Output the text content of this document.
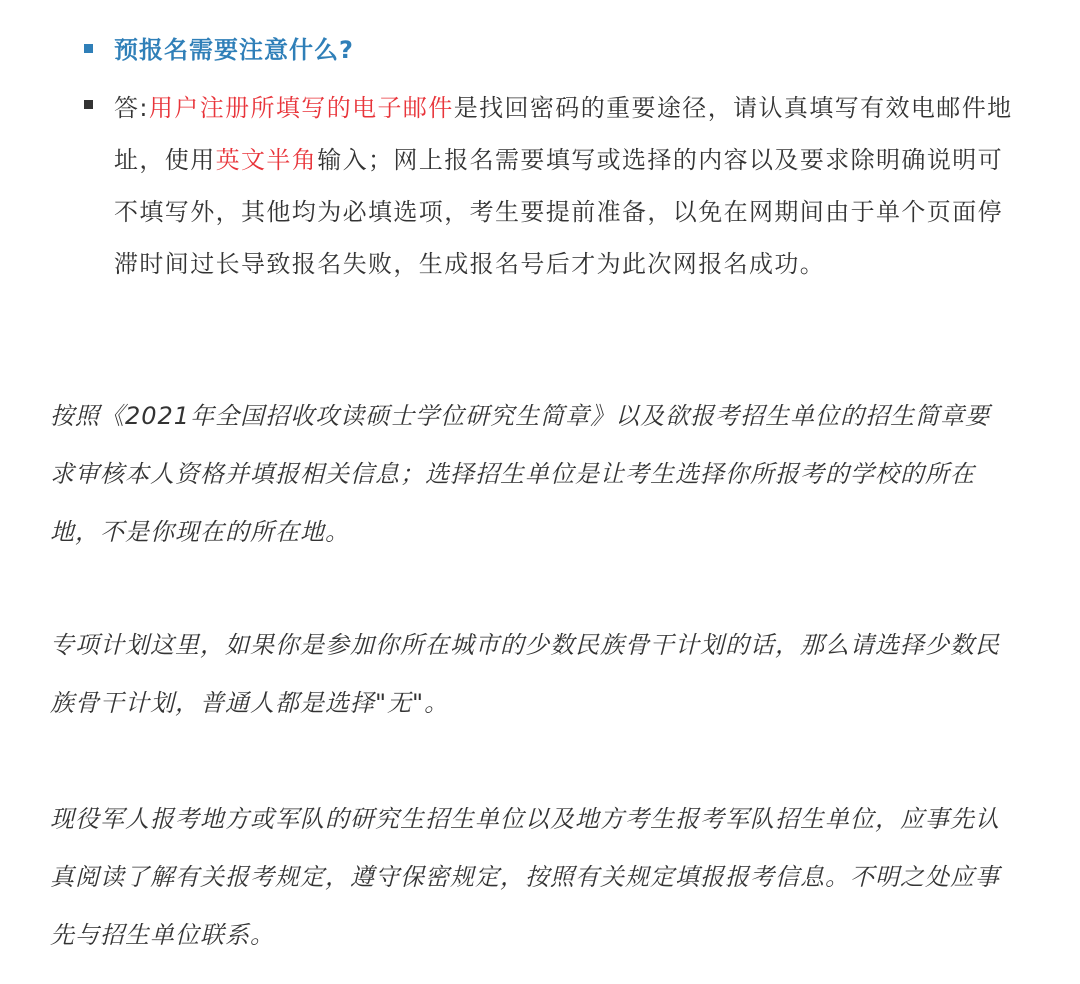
预报名需要注意什么?
答:用户注册所填写的电子邮件是找回密码的重要途径，请认真填写有效电邮件地址，使用英文半角输入；网上报名需要填写或选择的内容以及要求除明确说明可不填写外，其他均为必填选项，考生要提前准备，以免在网期间由于单个页面停滞时间过长导致报名失败，生成报名号后才为此次网报名成功。
按照《2021年全国招收攻读硕士学位研究生简章》以及欲报考招生单位的招生简章要求审核本人资格并填报相关信息；选择招生单位是让考生选择你所报考的学校的所在地，不是你现在的所在地。
专项计划这里，如果你是参加你所在城市的少数民族骨干计划的话，那么请选择少数民族骨干计划，普通人都是选择"无"。
现役军人报考地方或军队的研究生招生单位以及地方考生报考军队招生单位，应事先认真阅读了解有关报考规定，遵守保密规定，按照有关规定填报报考信息。不明之处应事先与招生单位联系。
